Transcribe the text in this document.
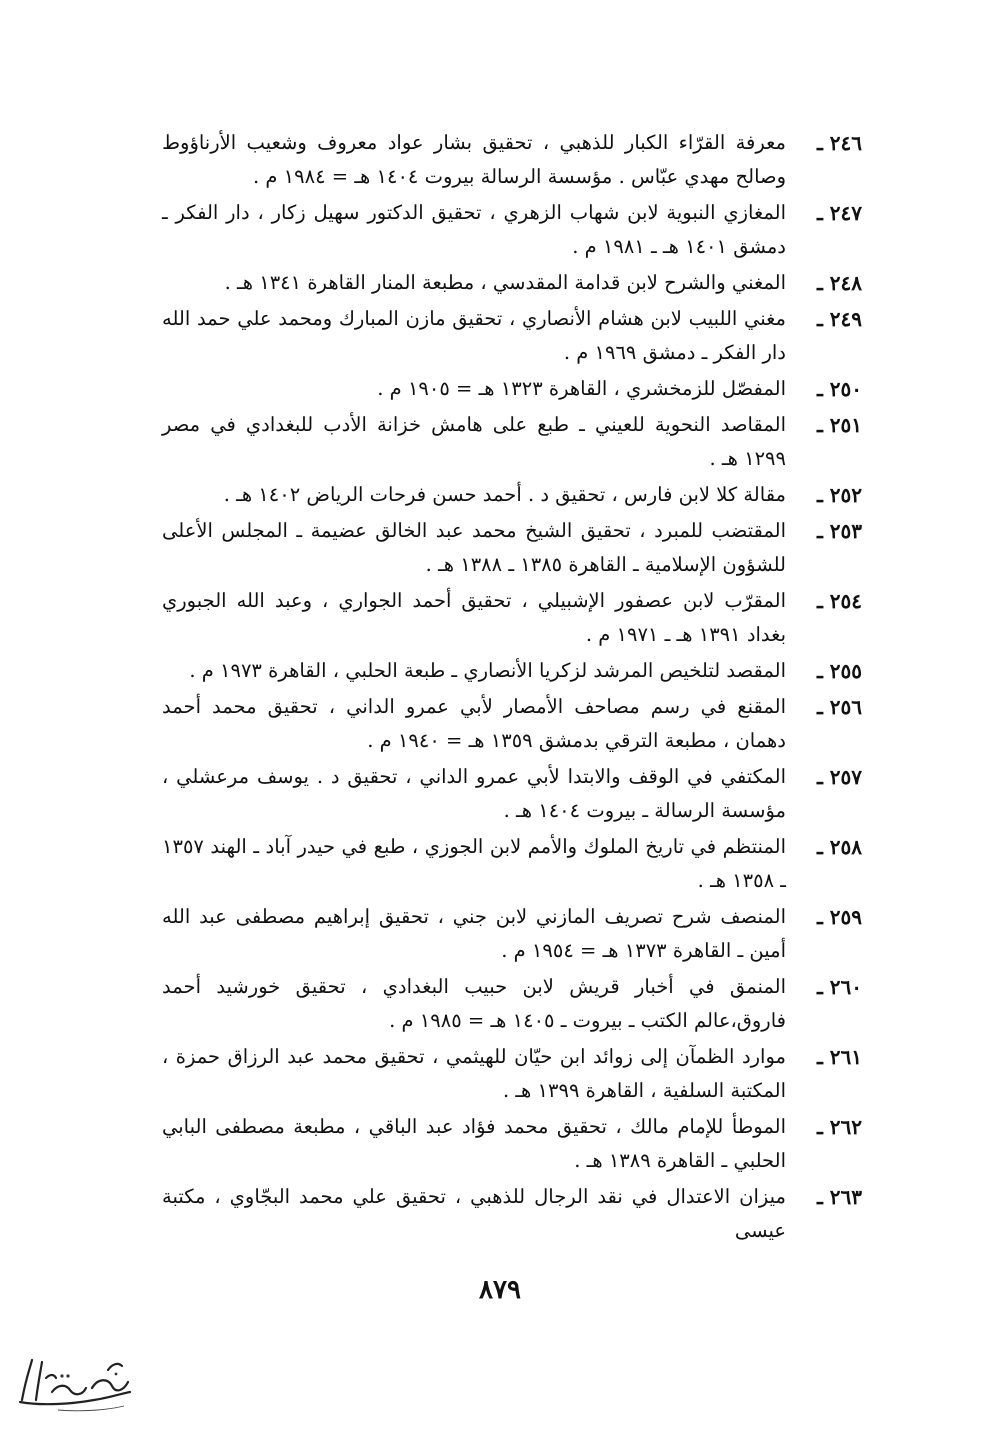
٢٤٦ ـ
معرفة القرّاء الكبار للذهبي ، تحقيق بشار عواد معروف وشعيب الأرناؤوط وصالح مهدي عبّاس . مؤسسة الرسالة بيروت ١٤٠٤ هـ = ١٩٨٤ م .
٢٤٧ ـ
المغازي النبوية لابن شهاب الزهري ، تحقيق الدكتور سهيل زكار ، دار الفكر ـ دمشق ١٤٠١ هـ ـ ١٩٨١ م .
٢٤٨ ـ
المغني والشرح لابن قدامة المقدسي ، مطبعة المنار القاهرة ١٣٤١ هـ .
٢٤٩ ـ
مغني اللبيب لابن هشام الأنصاري ، تحقيق مازن المبارك ومحمد علي حمد الله دار الفكر ـ دمشق ١٩٦٩ م .
٢٥٠ ـ
المفصّل للزمخشري ، القاهرة ١٣٢٣ هـ = ١٩٠٥ م .
٢٥١ ـ
المقاصد النحوية للعيني ـ طبع على هامش خزانة الأدب للبغدادي في مصر ١٢٩٩ هـ .
٢٥٢ ـ
مقالة كلا لابن فارس ، تحقيق د . أحمد حسن فرحات الرياض ١٤٠٢ هـ .
٢٥٣ ـ
المقتضب للمبرد ، تحقيق الشيخ محمد عبد الخالق عضيمة ـ المجلس الأعلى للشؤون الإسلامية ـ القاهرة ١٣٨٥ ـ ١٣٨٨ هـ .
٢٥٤ ـ
المقرّب لابن عصفور الإشبيلي ، تحقيق أحمد الجواري ، وعبد الله الجبوري بغداد ١٣٩١ هـ ـ ١٩٧١ م .
٢٥٥ ـ
المقصد لتلخيص المرشد لزكريا الأنصاري ـ طبعة الحلبي ، القاهرة ١٩٧٣ م .
٢٥٦ ـ
المقنع في رسم مصاحف الأمصار لأبي عمرو الداني ، تحقيق محمد أحمد دهمان ، مطبعة الترقي بدمشق ١٣٥٩ هـ = ١٩٤٠ م .
٢٥٧ ـ
المكتفي في الوقف والابتدا لأبي عمرو الداني ، تحقيق د . يوسف مرعشلي ، مؤسسة الرسالة ـ بيروت ١٤٠٤ هـ .
٢٥٨ ـ
المنتظم في تاريخ الملوك والأمم لابن الجوزي ، طبع في حيدر آباد ـ الهند ١٣٥٧ ـ ١٣٥٨ هـ .
٢٥٩ ـ
المنصف شرح تصريف المازني لابن جني ، تحقيق إبراهيم مصطفى عبد الله أمين ـ القاهرة ١٣٧٣ هـ = ١٩٥٤ م .
٢٦٠ ـ
المنمق في أخبار قريش لابن حبيب البغدادي ، تحقيق خورشيد أحمد فاروق،عالم الكتب ـ بيروت ـ ١٤٠٥ هـ = ١٩٨٥ م .
٢٦١ ـ
موارد الظمآن إلى زوائد ابن حيّان للهيثمي ، تحقيق محمد عبد الرزاق حمزة ، المكتبة السلفية ، القاهرة ١٣٩٩ هـ .
٢٦٢ ـ
الموطأ للإمام مالك ، تحقيق محمد فؤاد عبد الباقي ، مطبعة مصطفى البابي الحلبي ـ القاهرة ١٣٨٩ هـ .
٢٦٣ ـ
ميزان الاعتدال في نقد الرجال للذهبي ، تحقيق علي محمد البجّاوي ، مكتبة عيسى
٨٧٩
